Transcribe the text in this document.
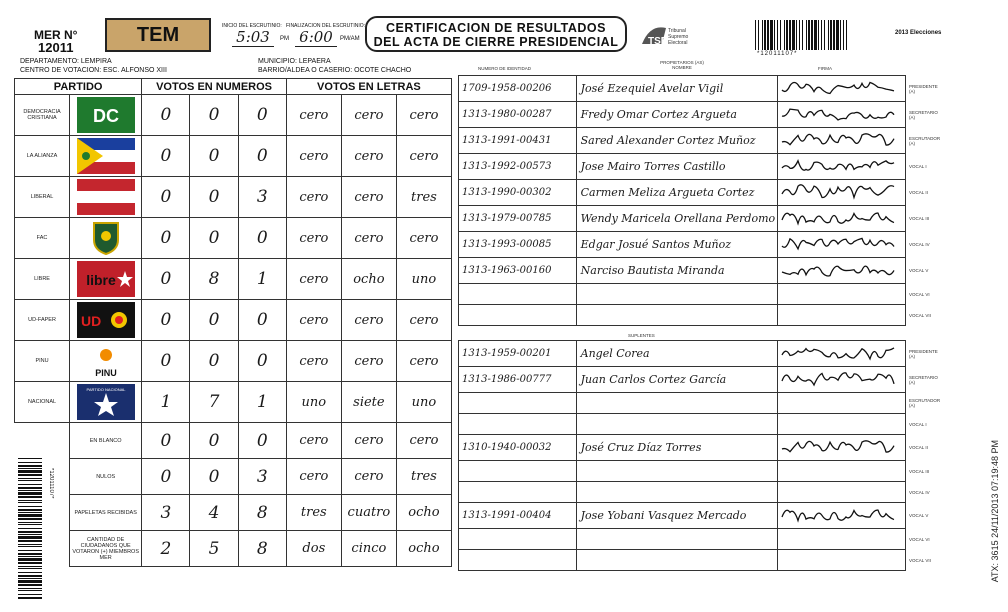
MER N°
12011
TEM
DEPARTAMENTO: LEMPIRA
CENTRO DE VOTACION: ESC. ALFONSO XIII
INICIO DEL ESCRUTINIO: FINALIZACION DEL ESCRUTINIO:
5:03	PM 6:00	PM/AM
MUNICIPIO: LEPAERA
BARRIO/ALDEA O CASERIO: OCOTE CHACHO
CERTIFICACION DE RESULTADOS
DEL ACTA DE CIERRE PRESIDENCIAL	TSE
Tribunal Supremo Electoral
*12011107*
2013 Elecciones
PARTIDO		VOTOS EN NUMEROS			VOTOS EN LETRAS		
DEMOCRACIA CRISTIANA	DC	0	0	0	cero	cero	cero
LA ALIANZA		0	0	0	cero	cero	cero
LIBERAL		0	0	3	cero	cero	tres
FAC		0	0	0	cero	cero	cero
LIBRE	libre	0	8	1	cero	ocho	uno
UD-FAPER	UD	0	0	0	cero	cero	cero
PINU	PINU	0	0	0	cero	cero	cero
NACIONAL	PARTIDO NACIONAL	1	7	1	uno	siete	uno
	EN BLANCO	0	0	0	cero	cero	cero
	NULOS	0	0	3	cero	cero	tres
	PAPELETAS RECIBIDAS	3	4	8	tres	cuatro	ocho
	CANTIDAD DE CIUDADANOS QUE VOTARON (+) MIEMBROS MER	2	5	8	dos	cinco	ocho
*12011107*
NUMERO DE IDENTIDAD
PROPIETARIOS (AS) NOMBRE	FIRMA
1709-1958-00206	José Ezequiel Avelar Vigil		PRESIDENTE (A)
1313-1980-00287	Fredy Omar Cortez Argueta		SECRETARIO (A)
1313-1991-00431	Sared Alexander Cortez Muñoz		ESCRUTADOR (A)
1313-1992-00573	Jose Mairo Torres Castillo		VOCAL I
1313-1990-00302	Carmen Meliza Argueta Cortez		VOCAL II
1313-1979-00785	Wendy Maricela Orellana Perdomo		VOCAL III
1313-1993-00085	Edgar Josué Santos Muñoz		VOCAL IV
1313-1963-00160	Narciso Bautista Miranda		VOCAL V
			VOCAL VI
			VOCAL VII
SUPLENTES
1313-1959-00201	Angel Corea		PRESIDENTE (A)
1313-1986-00777	Juan Carlos Cortez García		SECRETARIO (A)
			ESCRUTADOR (A)
			VOCAL I
1310-1940-00032	José Cruz Díaz Torres		VOCAL II
			VOCAL III
			VOCAL IV
1313-1991-00404	Jose Yobani Vasquez Mercado		VOCAL V
			VOCAL VI
			VOCAL VII	ATX: 3615 24/11/2013 07:19:48 PM
